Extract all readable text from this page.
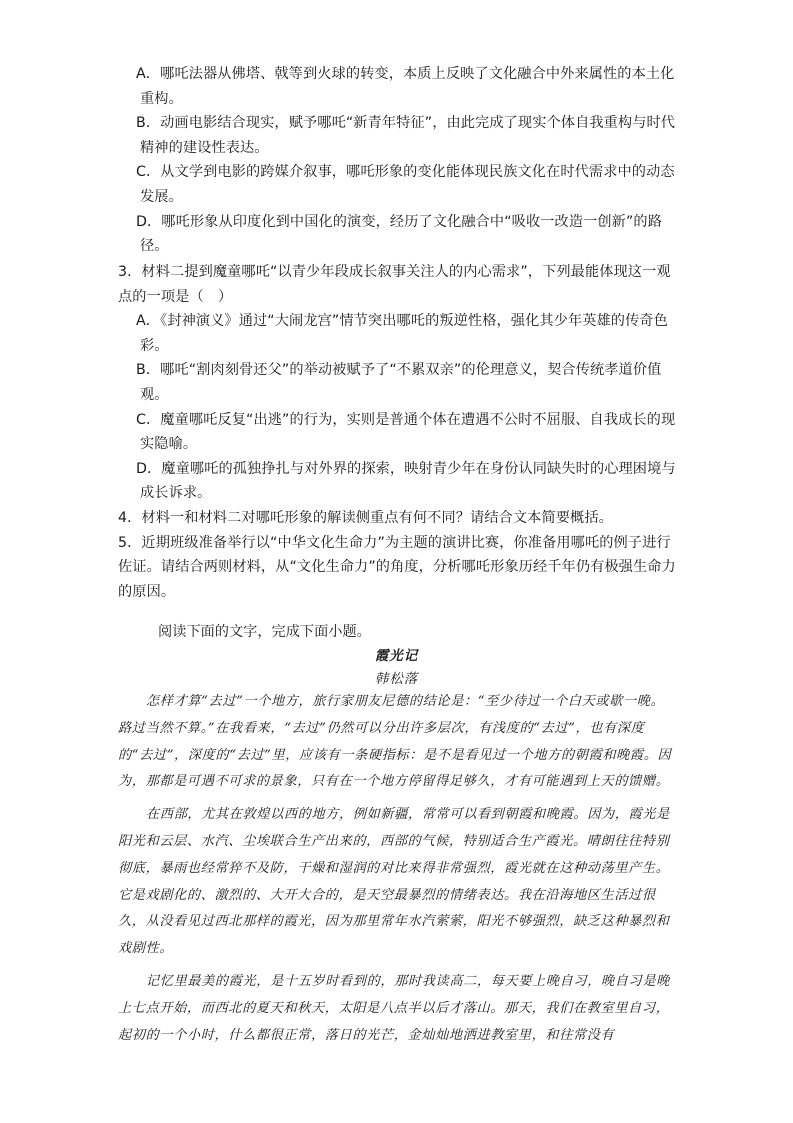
A．哪吒法器从佛塔、戟等到火球的转变，本质上反映了文化融合中外来属性的本土化重构。
B．动画电影结合现实，赋予哪吒“新青年特征”，由此完成了现实个体自我重构与时代精神的建设性表达。
C．从文学到电影的跨媒介叙事，哪吒形象的变化能体现民族文化在时代需求中的动态发展。
D．哪吒形象从印度化到中国化的演变，经历了文化融合中“吸收一改造一创新”的路径。
3．材料二提到魔童哪吒“以青少年段成长叙事关注人的内心需求”，下列最能体现这一观点的一项是（　）
A．《封神演义》通过“大闹龙宫”情节突出哪吒的叛逆性格，强化其少年英雄的传奇色彩。
B．哪吒“割肉刻骨还父”的举动被赋予了“不累双亲”的伦理意义，契合传统孝道价值观。
C．魔童哪吒反复“出逃”的行为，实则是普通个体在遭遇不公时不屈服、自我成长的现实隐喻。
D．魔童哪吒的孤独挣扎与对外界的探索，映射青少年在身份认同缺失时的心理困境与成长诉求。
4．材料一和材料二对哪吒形象的解读侧重点有何不同？请结合文本简要概括。
5．近期班级准备举行以“中华文化生命力”为主题的演讲比赛，你准备用哪吒的例子进行佐证。请结合两则材料，从“文化生命力”的角度，分析哪吒形象历经千年仍有极强生命力的原因。
阅读下面的文字，完成下面小题。
霞光记
韩松落

怎样才算“去过”一个地方，旅行家朋友尼德的结论是：“至少待过一个白天或歇一晚。路过当然不算。”在我看来，“去过”仍然可以分出许多层次，有浅度的“去过”，也有深度的“去过”，深度的“去过”里，应该有一条硬指标：是不是看见过一个地方的朝霞和晚霞。因为，那都是可遇不可求的景象，只有在一个地方停留得足够久，才有可能遇到上天的馈赠。

在西部，尤其在敦煌以西的地方，例如新疆，常常可以看到朝霞和晚霞。因为，霞光是阳光和云层、水汽、尘埃联合生产出来的，西部的气候，特别适合生产霞光。晴朗往往特别彻底，暴雨也经常猝不及防，干燥和湿润的对比来得非常强烈，霞光就在这种动荡里产生。它是戏剧化的、激烈的、大开大合的，是天空最暴烈的情绪表达。我在沿海地区生活过很久，从没看见过西北那样的霞光，因为那里常年水汽萦萦，阳光不够强烈，缺乏这种暴烈和戏剧性。

记忆里最美的霞光，是十五岁时看到的，那时我读高二，每天要上晚自习，晚自习是晚上七点开始，而西北的夏天和秋天，太阳是八点半以后才落山。那天，我们在教室里自习，起初的一个小时，什么都很正常，落日的光芒，金灿灿地洒进教室里，和往常没有
